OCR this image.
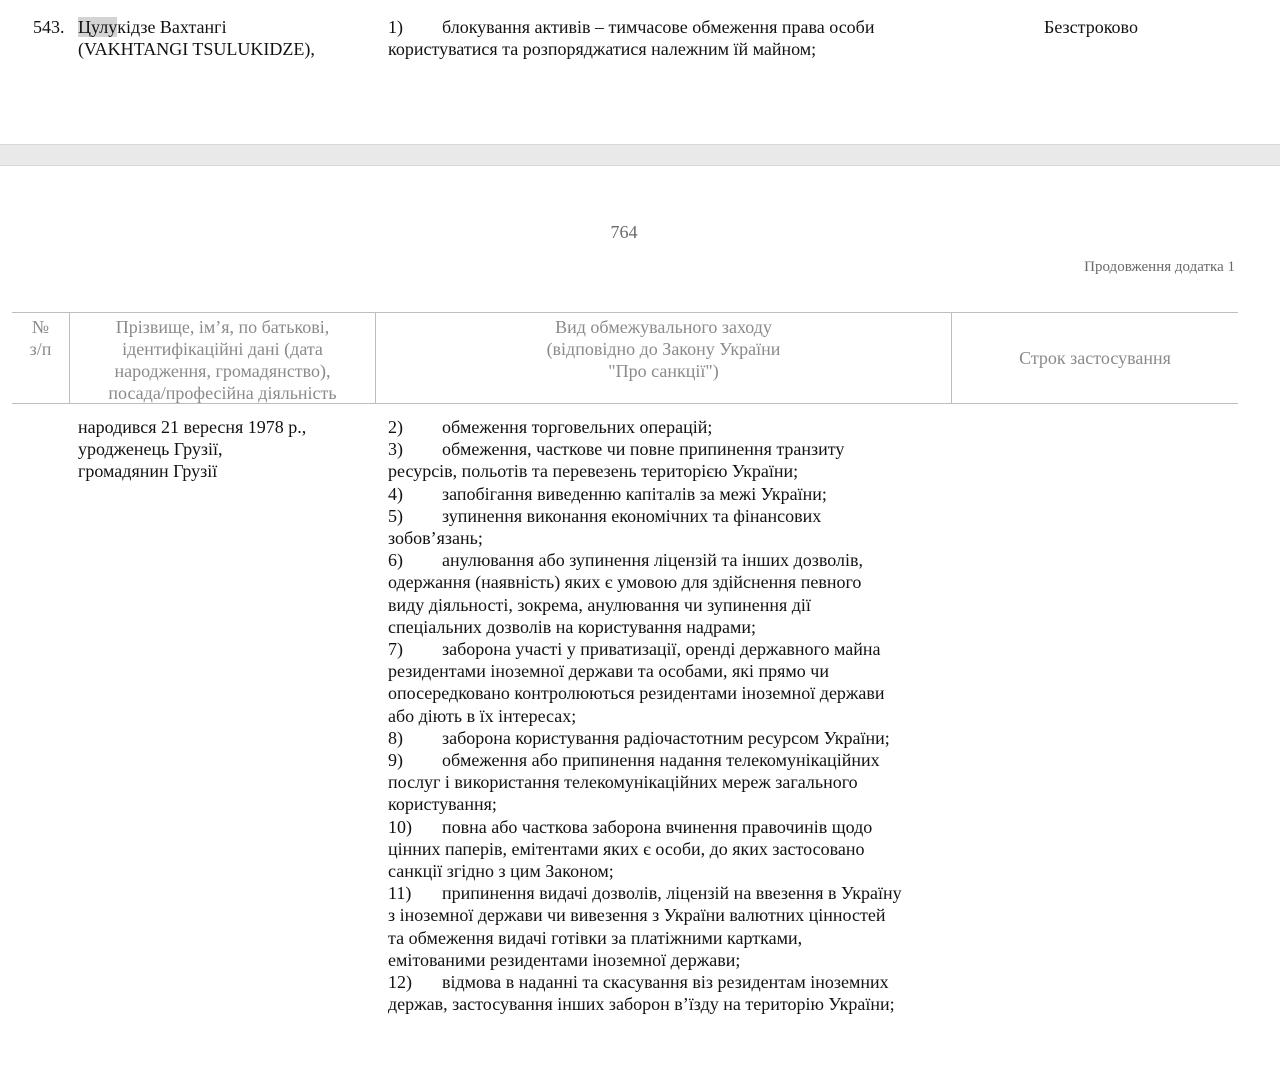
543. Цулукідзе Вахтангі
(VAKHTANGI TSULUKIDZE),
1) блокування активів – тимчасове обмеження права особи
користуватися та розпоряджатися належним їй майном;
Безстроково
764
Продовження додатка 1
№
з/п
Прізвище, ім’я, по батькові,
ідентифікаційні дані (дата
народження, громадянство),
посада/професійна діяльність
Вид обмежувального заходу
(відповідно до Закону України
"Про санкції")
Строк застосування
народився 21 вересня 1978 р.,
уродженець Грузії,
громадянин Грузії
2) обмеження торговельних операцій;
3) обмеження, часткове чи повне припинення транзиту
ресурсів, польотів та перевезень територією України;
4) запобігання виведенню капіталів за межі України;
5) зупинення виконання економічних та фінансових
зобов’язань;
6) анулювання або зупинення ліцензій та інших дозволів,
одержання (наявність) яких є умовою для здійснення певного
виду діяльності, зокрема, анулювання чи зупинення дії
спеціальних дозволів на користування надрами;
7) заборона участі у приватизації, оренді державного майна
резидентами іноземної держави та особами, які прямо чи
опосередковано контролюються резидентами іноземної держави
або діють в їх інтересах;
8) заборона користування радіочастотним ресурсом України;
9) обмеження або припинення надання телекомунікаційних
послуг і використання телекомунікаційних мереж загального
користування;
10) повна або часткова заборона вчинення правочинів щодо
цінних паперів, емітентами яких є особи, до яких застосовано
санкції згідно з цим Законом;
11) припинення видачі дозволів, ліцензій на ввезення в Україну
з іноземної держави чи вивезення з України валютних цінностей
та обмеження видачі готівки за платіжними картками,
емітованими резидентами іноземної держави;
12) відмова в наданні та скасування віз резидентам іноземних
держав, застосування інших заборон в’їзду на територію України;
